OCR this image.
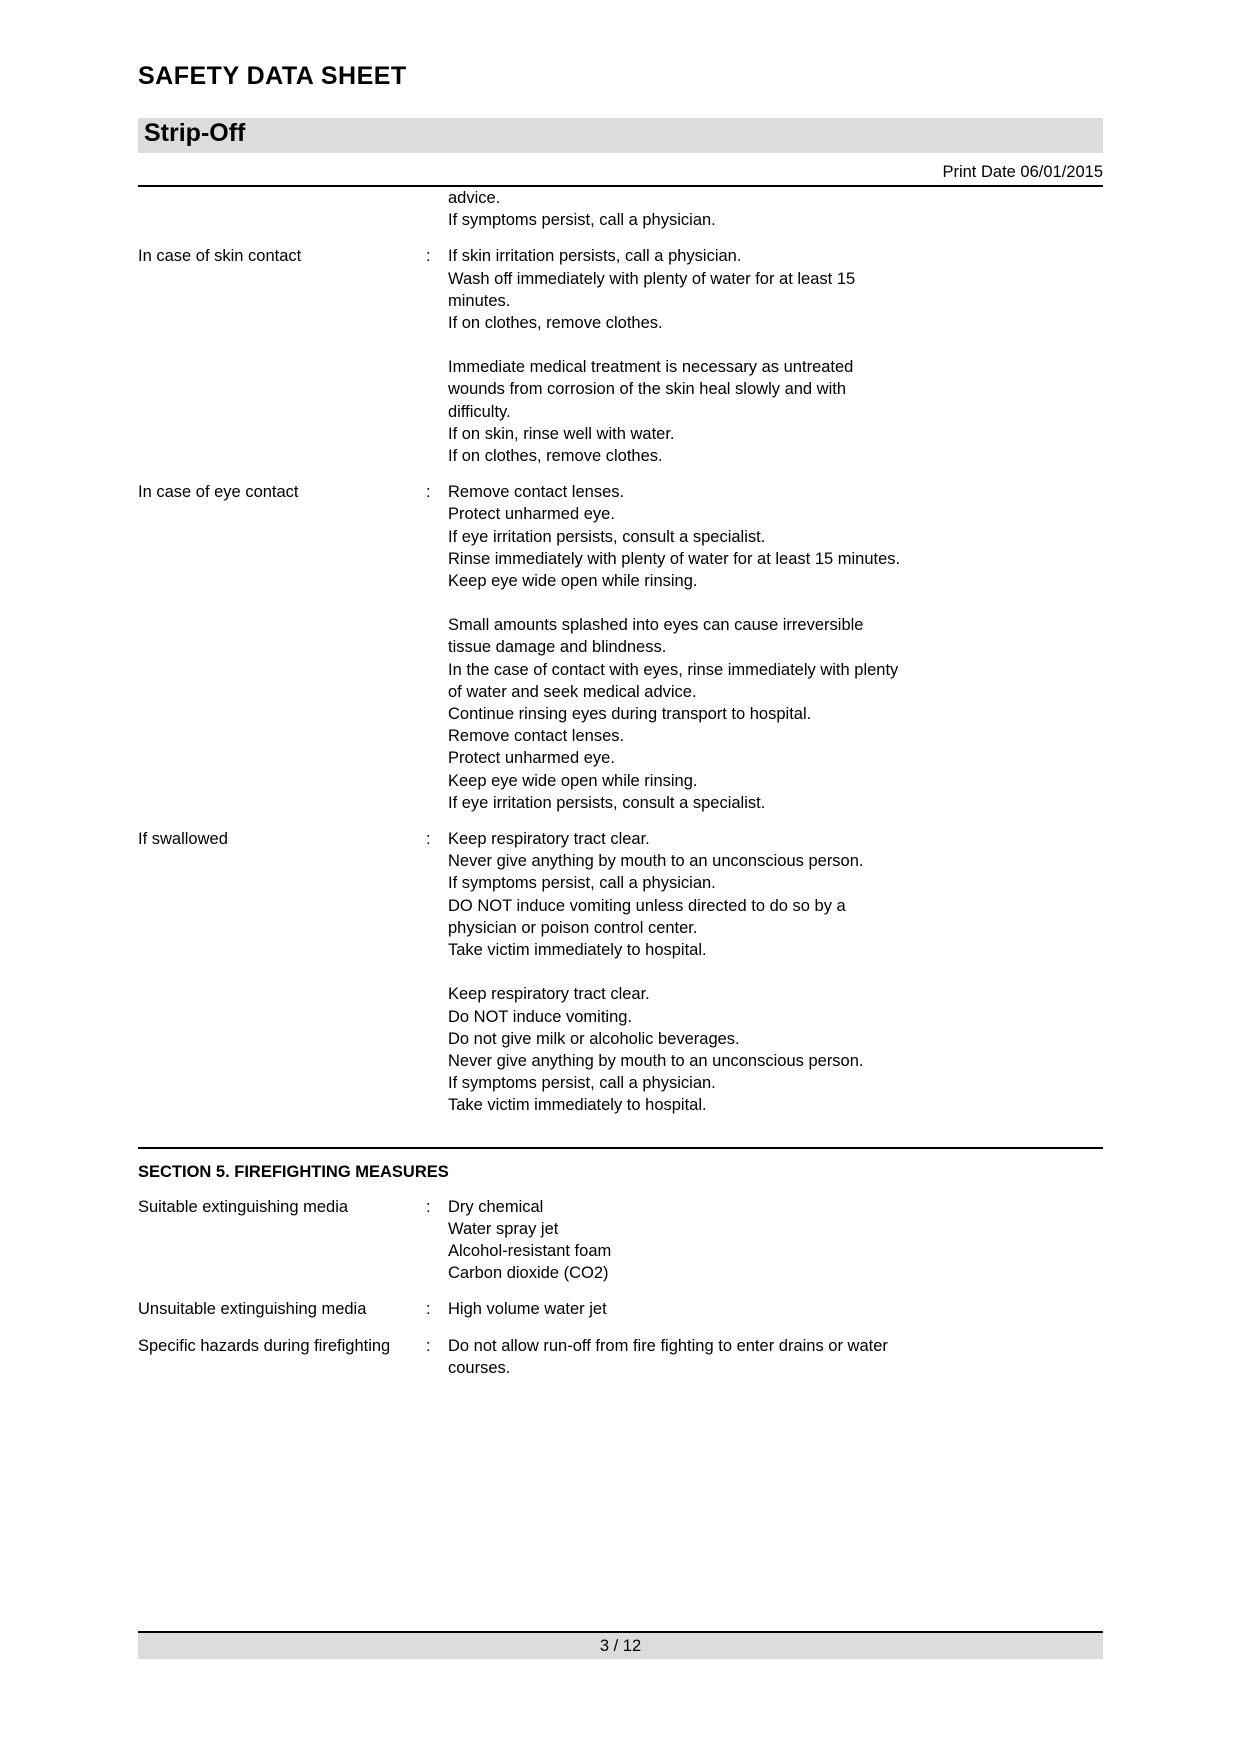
SAFETY DATA SHEET
Strip-Off
Print Date 06/01/2015

		advice.
If symptoms persist, call a physician.

In case of skin contact	:	If skin irritation persists, call a physician.
Wash off immediately with plenty of water for at least 15
minutes.
If on clothes, remove clothes.
Immediate medical treatment is necessary as untreated
wounds from corrosion of the skin heal slowly and with
difficulty.
If on skin, rinse well with water.
If on clothes, remove clothes.

In case of eye contact	:	Remove contact lenses.
Protect unharmed eye.
If eye irritation persists, consult a specialist.
Rinse immediately with plenty of water for at least 15 minutes.
Keep eye wide open while rinsing.
Small amounts splashed into eyes can cause irreversible
tissue damage and blindness.
In the case of contact with eyes, rinse immediately with plenty
of water and seek medical advice.
Continue rinsing eyes during transport to hospital.
Remove contact lenses.
Protect unharmed eye.
Keep eye wide open while rinsing.
If eye irritation persists, consult a specialist.

If swallowed	:	Keep respiratory tract clear.
Never give anything by mouth to an unconscious person.
If symptoms persist, call a physician.
DO NOT induce vomiting unless directed to do so by a
physician or poison control center.
Take victim immediately to hospital.
Keep respiratory tract clear.
Do NOT induce vomiting.
Do not give milk or alcoholic beverages.
Never give anything by mouth to an unconscious person.
If symptoms persist, call a physician.
Take victim immediately to hospital.
SECTION 5. FIREFIGHTING MEASURES
Suitable extinguishing media	:	Dry chemical
Water spray jet
Alcohol-resistant foam
Carbon dioxide (CO2)

Unsuitable extinguishing media	:	High volume water jet

Specific hazards during firefighting	:	Do not allow run-off from fire fighting to enter drains or water
courses.
3 / 12
